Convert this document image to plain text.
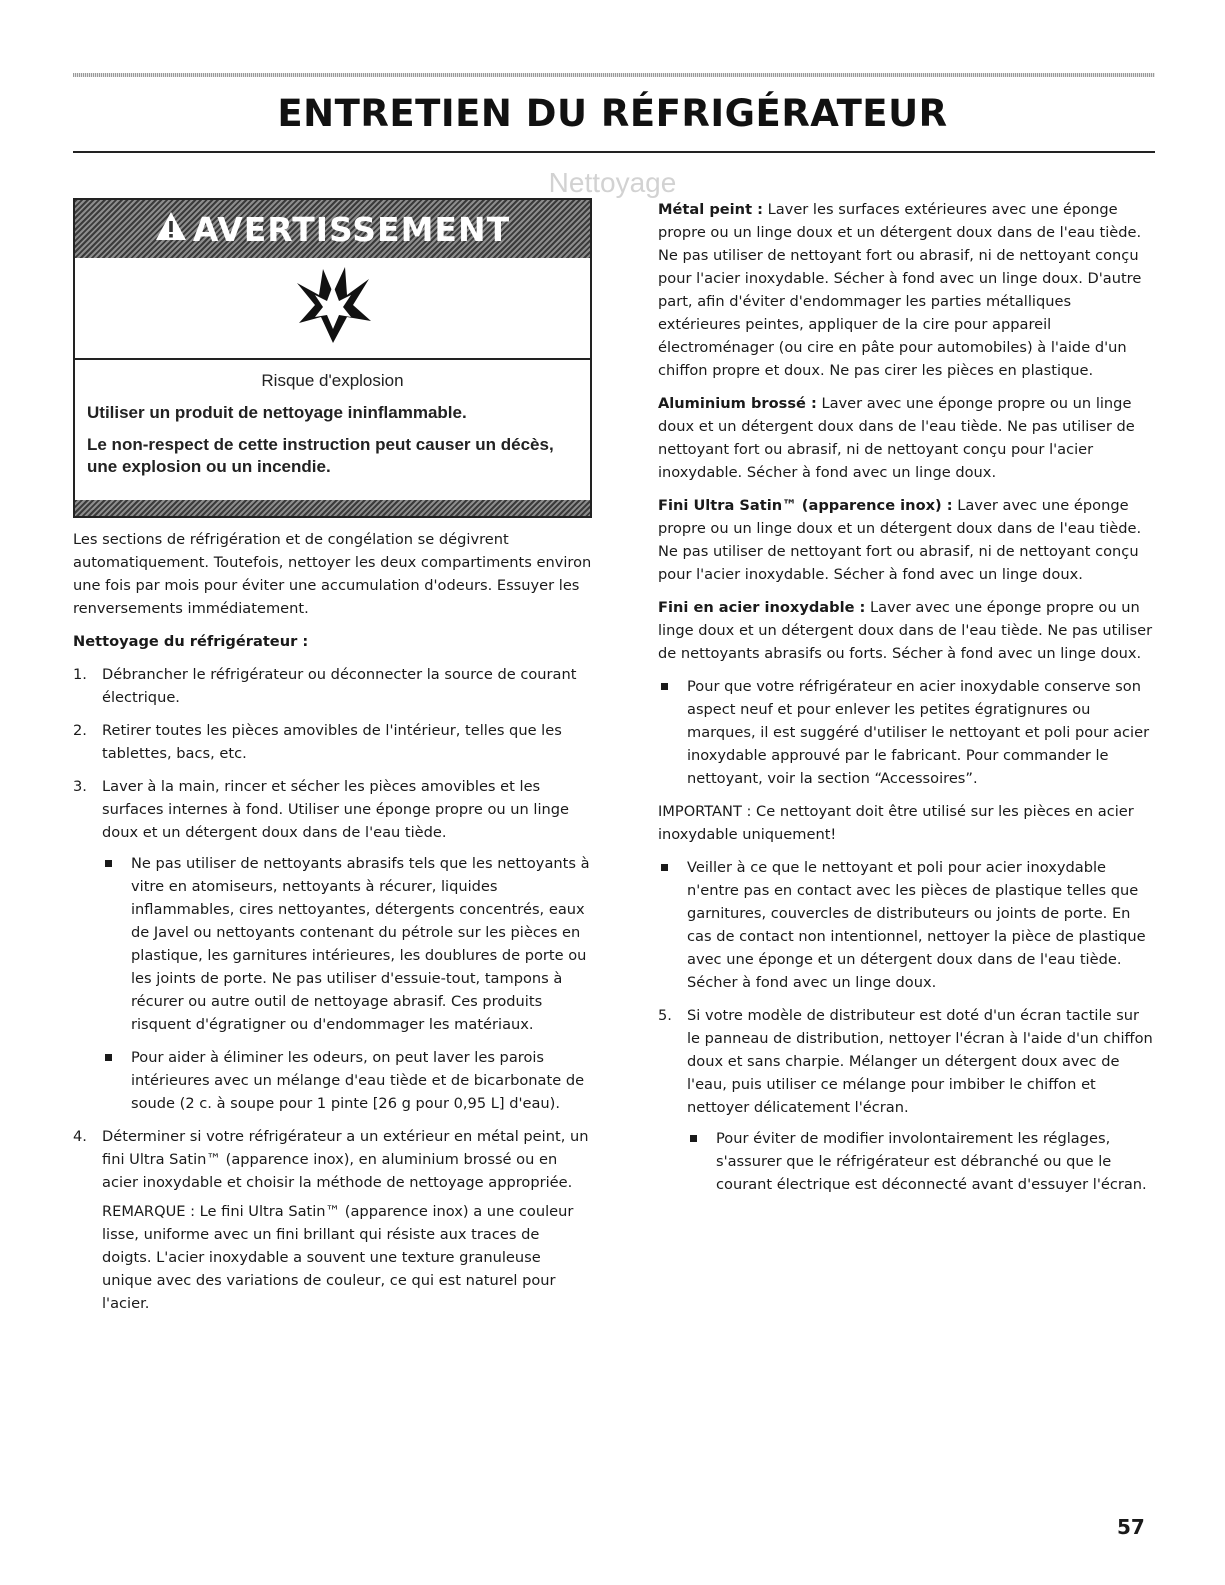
ENTRETIEN DU RÉFRIGÉRATEUR
Nettoyage
AVERTISSEMENT

Risque d'explosion

Utiliser un produit de nettoyage ininflammable.

Le non-respect de cette instruction peut causer un décès, une explosion ou un incendie.

Les sections de réfrigération et de congélation se dégivrent automatiquement. Toutefois, nettoyer les deux compartiments environ une fois par mois pour éviter une accumulation d'odeurs. Essuyer les renversements immédiatement.

Nettoyage du réfrigérateur :

1. Débrancher le réfrigérateur ou déconnecter la source de courant électrique.
2. Retirer toutes les pièces amovibles de l'intérieur, telles que les tablettes, bacs, etc.
3. Laver à la main, rincer et sécher les pièces amovibles et les surfaces internes à fond. Utiliser une éponge propre ou un linge doux et un détergent doux dans de l'eau tiède.
Ne pas utiliser de nettoyants abrasifs tels que les nettoyants à vitre en atomiseurs, nettoyants à récurer, liquides inflammables, cires nettoyantes, détergents concentrés, eaux de Javel ou nettoyants contenant du pétrole sur les pièces en plastique, les garnitures intérieures, les doublures de porte ou les joints de porte. Ne pas utiliser d'essuie-tout, tampons à récurer ou autre outil de nettoyage abrasif. Ces produits risquent d'égratigner ou d'endommager les matériaux.
Pour aider à éliminer les odeurs, on peut laver les parois intérieures avec un mélange d'eau tiède et de bicarbonate de soude (2 c. à soupe pour 1 pinte [26 g pour 0,95 L] d'eau).
4. Déterminer si votre réfrigérateur a un extérieur en métal peint, un fini Ultra Satin™ (apparence inox), en aluminium brossé ou en acier inoxydable et choisir la méthode de nettoyage appropriée.

REMARQUE : Le fini Ultra Satin™ (apparence inox) a une couleur lisse, uniforme avec un fini brillant qui résiste aux traces de doigts. L'acier inoxydable a souvent une texture granuleuse unique avec des variations de couleur, ce qui est naturel pour l'acier.

Métal peint : Laver les surfaces extérieures avec une éponge propre ou un linge doux et un détergent doux dans de l'eau tiède. Ne pas utiliser de nettoyant fort ou abrasif, ni de nettoyant conçu pour l'acier inoxydable. Sécher à fond avec un linge doux. D'autre part, afin d'éviter d'endommager les parties métalliques extérieures peintes, appliquer de la cire pour appareil électroménager (ou cire en pâte pour automobiles) à l'aide d'un chiffon propre et doux. Ne pas cirer les pièces en plastique.

Aluminium brossé : Laver avec une éponge propre ou un linge doux et un détergent doux dans de l'eau tiède. Ne pas utiliser de nettoyant fort ou abrasif, ni de nettoyant conçu pour l'acier inoxydable. Sécher à fond avec un linge doux.

Fini Ultra Satin™ (apparence inox) : Laver avec une éponge propre ou un linge doux et un détergent doux dans de l'eau tiède. Ne pas utiliser de nettoyant fort ou abrasif, ni de nettoyant conçu pour l'acier inoxydable. Sécher à fond avec un linge doux.

Fini en acier inoxydable : Laver avec une éponge propre ou un linge doux et un détergent doux dans de l'eau tiède. Ne pas utiliser de nettoyants abrasifs ou forts. Sécher à fond avec un linge doux.

Pour que votre réfrigérateur en acier inoxydable conserve son aspect neuf et pour enlever les petites égratignures ou marques, il est suggéré d'utiliser le nettoyant et poli pour acier inoxydable approuvé par le fabricant. Pour commander le nettoyant, voir la section “Accessoires”.

IMPORTANT : Ce nettoyant doit être utilisé sur les pièces en acier inoxydable uniquement!

Veiller à ce que le nettoyant et poli pour acier inoxydable n'entre pas en contact avec les pièces de plastique telles que garnitures, couvercles de distributeurs ou joints de porte. En cas de contact non intentionnel, nettoyer la pièce de plastique avec une éponge et un détergent doux dans de l'eau tiède. Sécher à fond avec un linge doux.
5. Si votre modèle de distributeur est doté d'un écran tactile sur le panneau de distribution, nettoyer l'écran à l'aide d'un chiffon doux et sans charpie. Mélanger un détergent doux avec de l'eau, puis utiliser ce mélange pour imbiber le chiffon et nettoyer délicatement l'écran.
Pour éviter de modifier involontairement les réglages, s'assurer que le réfrigérateur est débranché ou que le courant électrique est déconnecté avant d'essuyer l'écran.
57
